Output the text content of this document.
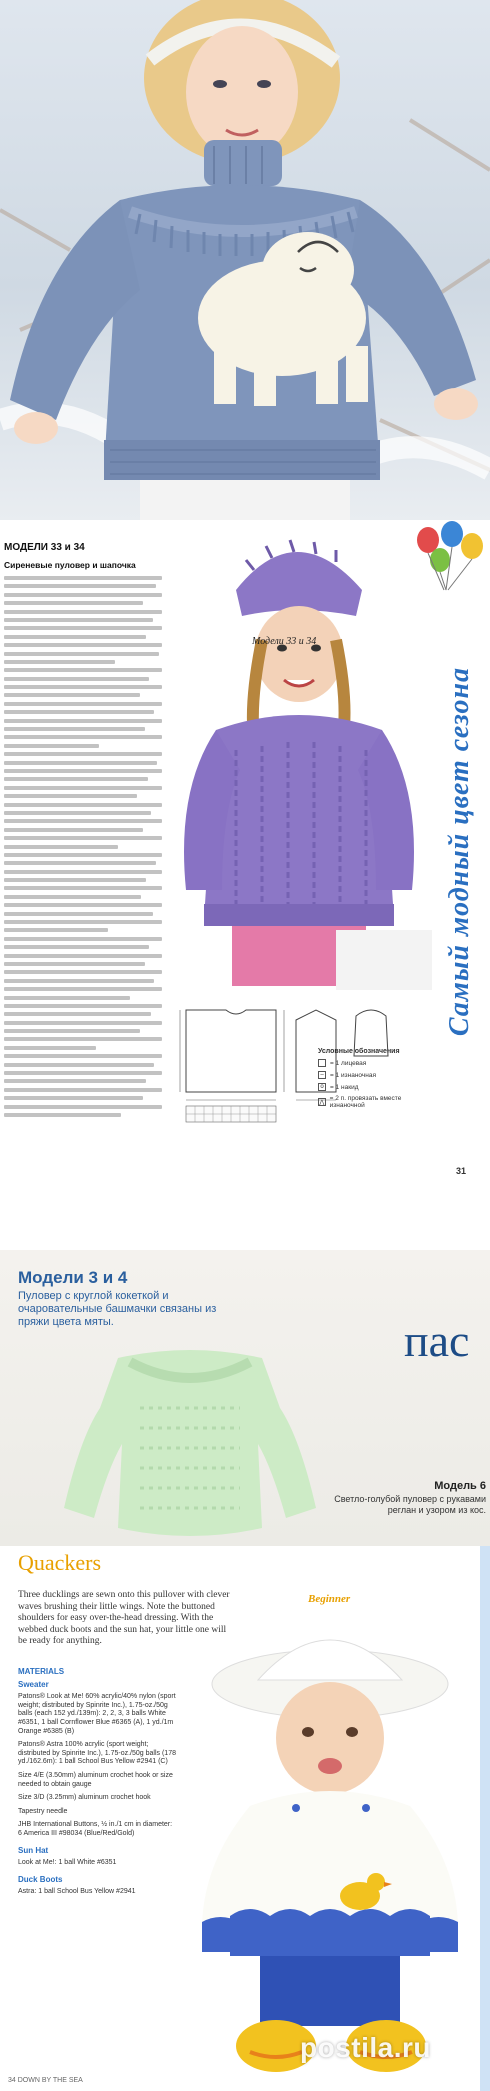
МОДЕЛИ 33 и 34
Сиреневые пуловер и шапочка
Модели 33 и 34
Самый модный цвет сезона
Условные обозначения
= 1 лицевая
– = 1 изнаночная
o = 1 накид
⋀
= 2 п. провязать вместе изнаночной
31
Модели 3 и 4
Пуловер с круглой кокеткой и очаровательные башмачки связаны из пряжи цвета мяты.	пас
Модель 6
Светло-голубой пуловер с рукавами реглан и узором из кос.
Quackers
Three ducklings are sewn onto this pullover with clever waves brushing their little wings. Note the buttoned shoulders for easy over-the-head dressing. With the webbed duck boots and the sun hat, your little one will be ready for anything.
Beginner
MATERIALS
Sweater

Patons® Look at Me! 60% acrylic/40% nylon (sport weight; distributed by Spinrite Inc.), 1.75-oz./50g balls (each 152 yd./139m): 2, 2, 3, 3 balls White #6351, 1 ball Cornflower Blue #6365 (A), 1 yd./1m Orange #6385 (B)

Patons® Astra 100% acrylic (sport weight; distributed by Spinrite Inc.), 1.75-oz./50g balls (178 yd./162.6m): 1 ball School Bus Yellow #2941 (C)

Size 4/E (3.50mm) aluminum crochet hook or size needed to obtain gauge

Size 3/D (3.25mm) aluminum crochet hook

Tapestry needle

JHB International Buttons, ½ in./1 cm in diameter: 6 America III #98034 (Blue/Red/Gold)

Sun Hat

Look at Me!: 1 ball White #6351

Duck Boots

Astra: 1 ball School Bus Yellow #2941

postila.ru
34 DOWN BY THE SEA
